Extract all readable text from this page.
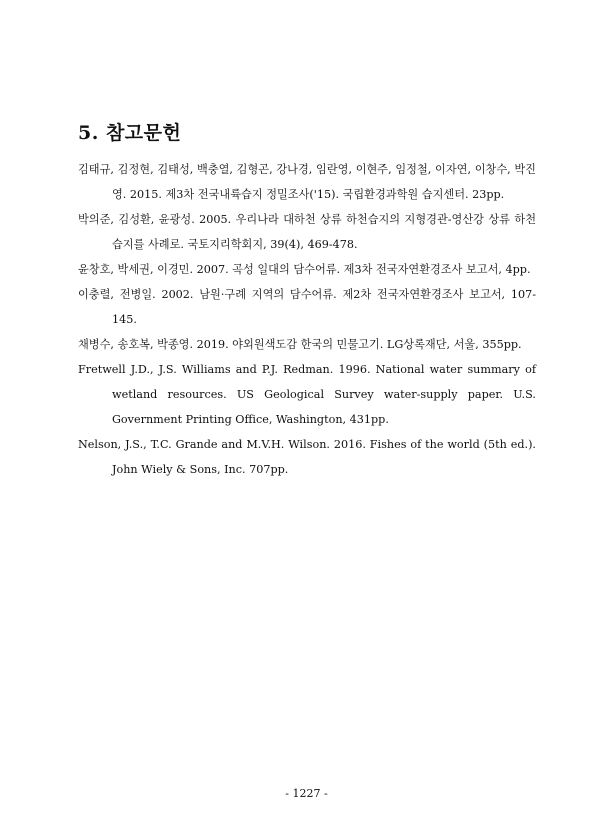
5. 참고문헌
김태규, 김정현, 김태성, 백충열, 김형곤, 강나경, 임란영, 이현주, 임정철, 이자연, 이창수, 박진영. 2015. 제3차 전국내륙습지 정밀조사('15). 국립환경과학원 습지센터. 23pp.
박의준, 김성환, 윤광성. 2005. 우리나라 대하천 상류 하천습지의 지형경관-영산강 상류 하천습지를 사례로. 국토지리학회지, 39(4), 469-478.
윤창호, 박세권, 이경민. 2007. 곡성 일대의 담수어류. 제3차 전국자연환경조사 보고서, 4pp.
이충렬, 전병일. 2002. 남원·구례 지역의 담수어류. 제2차 전국자연환경조사 보고서, 107-145.
채병수, 송호복, 박종영. 2019. 야외원색도감 한국의 민물고기. LG상록재단, 서울, 355pp.
Fretwell J.D., J.S. Williams and P.J. Redman. 1996. National water summary of wetland resources. US Geological Survey water-supply paper. U.S. Government Printing Office, Washington, 431pp.
Nelson, J.S., T.C. Grande and M.V.H. Wilson. 2016. Fishes of the world (5th ed.). John Wiely & Sons, Inc. 707pp.
- 1227 -
